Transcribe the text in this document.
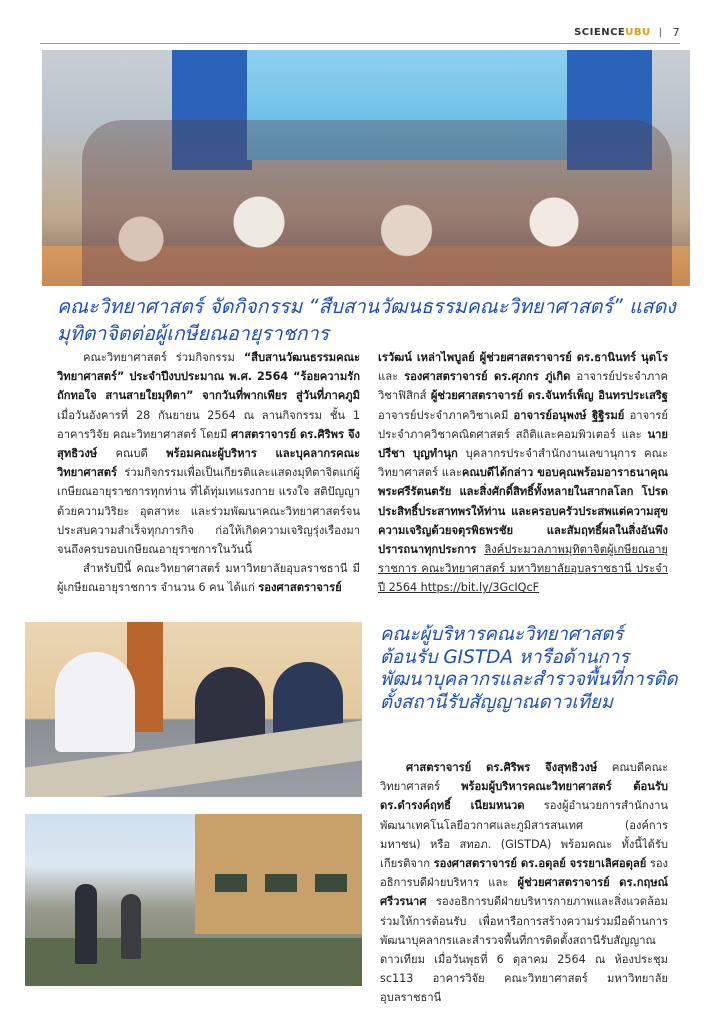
SCIENCE UBU | 7
คณะวิทยาศาสตร์ จัดกิจกรรม “สืบสานวัฒนธรรมคณะวิทยาศาสตร์” แสดงมุทิตาจิตต่อผู้เกษียณอายุราชการ
คณะวิทยาศาสตร์ ร่วมกิจกรรม “สืบสานวัฒนธรรมคณะวิทยาศาสตร์” ประจำปีงบประมาณ พ.ศ. 2564 “ร้อยความรักถักทอใจ สานสายใยมุทิตา” จากวันที่พากเพียร สู่วันที่ภาคภูมิ เมื่อวันอังคารที่ 28 กันยายน 2564 ณ ลานกิจกรรม ชั้น 1 อาคารวิจัย คณะวิทยาศาสตร์ โดยมี ศาสตราจารย์ ดร.ศิริพร จึงสุทธิวงษ์ คณบดี พร้อมคณะผู้บริหาร และบุคลากรคณะวิทยาศาสตร์ ร่วมกิจกรรมเพื่อเป็นเกียรติและแสดงมุทิตาจิตแก่ผู้เกษียณอายุราชการทุกท่าน ที่ได้ทุ่มเทแรงกาย แรงใจ สติปัญญา ด้วยความวิริยะ อุตสาหะ และร่วมพัฒนาคณะวิทยาศาสตร์จนประสบความสำเร็จทุกภารกิจ ก่อให้เกิดความเจริญรุ่งเรืองมาจนถึงครบรอบเกษียณอายุราชการในวันนี้
สำหรับปีนี้ คณะวิทยาศาสตร์ มหาวิทยาลัยอุบลราชธานี มีผู้เกษียณอายุราชการ จำนวน 6 คน ได้แก่ รองศาสตราจารย์
เรวัฒน์ เหล่าไพบูลย์ ผู้ช่วยศาสตราจารย์ ดร.ธานินทร์ นุตโรและ รองศาสตราจารย์ ดร.ศุภกร ภู่เกิด อาจารย์ประจำภาควิชาฟิสิกส์ ผู้ช่วยศาสตราจารย์ ดร.จันทร์เพ็ญ อินทรประเสริฐ อาจารย์ประจำภาควิชาเคมี อาจารย์อนุพงษ์ ฐิฐิรมย์ อาจารย์ประจำภาควิชาคณิตศาสตร์ สถิติและคอมพิวเตอร์ และ นายปรีชา บุญทำนุก บุคลากรประจำสำนักงานเลขานุการ คณะวิทยาศาสตร์ และคณบดีได้กล่าว ขอบคุณพร้อมอาราธนาคุณพระศรีรัตนตรัย และสิ่งศักดิ์สิทธิ์ทั้งหลายในสากลโลก โปรดประสิทธิ์ประสาทพรให้ท่าน และครอบครัวประสพแต่ความสุข ความเจริญด้วยจตุรพิธพรชัย และสัมฤทธิ์ผลในสิ่งอันพึงปรารถนาทุกประการ ลิงค์ประมวลภาพมุทิตาจิตผู้เกษียณอายุราชการ คณะวิทยาศาสตร์ มหาวิทยาลัยอุบลราชธานี ประจำปี 2564 https://bit.ly/3GcIQcF
คณะผู้บริหารคณะวิทยาศาสตร์ ต้อนรับ GISTDA หารือด้านการพัฒนาบุคลากรและสำรวจพื้นที่การติดตั้งสถานีรับสัญญาณดาวเทียม
ศาสตราจารย์ ดร.ศิริพร จึงสุทธิวงษ์ คณบดีคณะวิทยาศาสตร์ พร้อมผู้บริหารคณะวิทยาศาสตร์ ต้อนรับ ดร.ดำรงค์ฤทธิ์ เนียมหนวด รองผู้อำนวยการสำนักงานพัฒนาเทคโนโลยีอวกาศและภูมิสารสนเทศ (องค์การมหาชน) หรือ สทอภ. (GISTDA) พร้อมคณะ ทั้งนี้ได้รับเกียรติจาก รองศาสตราจารย์ ดร.อดุลย์ จรรยาเลิศอดุลย์ รองอธิการบดีฝ่ายบริหาร และ ผู้ช่วยศาสตราจารย์ ดร.กฤษณ์ ศรีวรนาศ รองอธิการบดีฝ่ายบริหารกายภาพและสิ่งแวดล้อม ร่วมให้การต้อนรับ เพื่อหารือการสร้างความร่วมมือด้านการพัฒนาบุคลากรและสำรวจพื้นที่การติดตั้งสถานีรับสัญญาณดาวเทียม เมื่อวันพุธที่ 6 ตุลาคม 2564 ณ ห้องประชุม sc113 อาคารวิจัย คณะวิทยาศาสตร์ มหาวิทยาลัยอุบลราชธานี
